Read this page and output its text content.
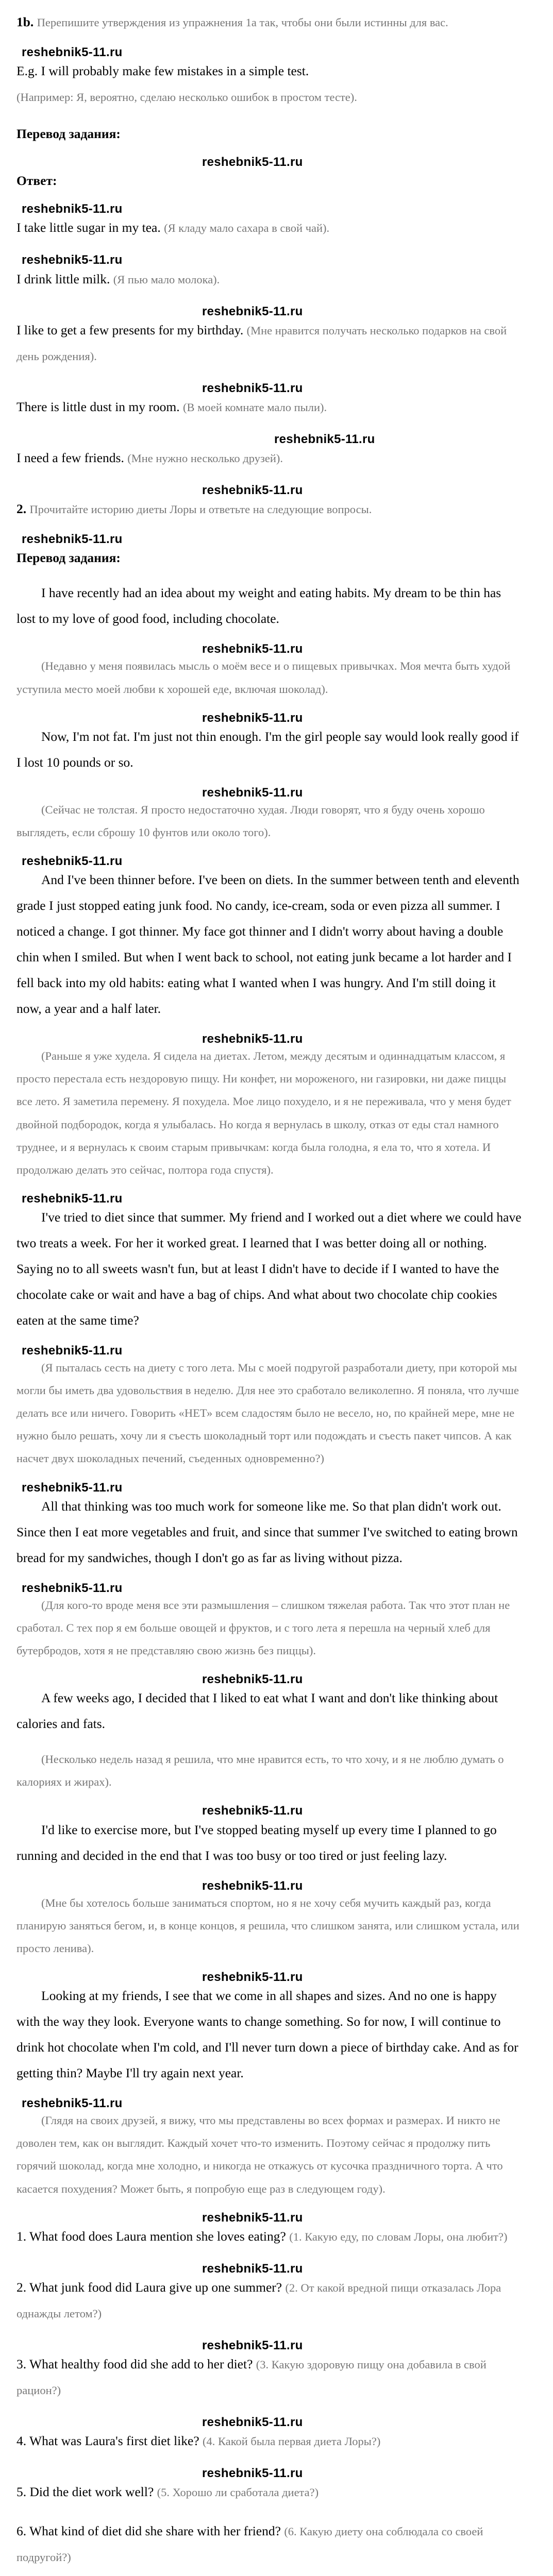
1b. Перепишите утверждения из упражнения 1a так, чтобы они были истинны для вас.

reshebnik5-11.ru

E.g. I will probably make few mistakes in a simple test.
(Например: Я, вероятно, сделаю несколько ошибок в простом тесте).

Перевод задания:

reshebnik5-11.ru

Ответ:

reshebnik5-11.ru

I take little sugar in my tea. (Я кладу мало сахара в свой чай).

reshebnik5-11.ru

I drink little milk. (Я пью мало молока).

reshebnik5-11.ru

I like to get a few presents for my birthday. (Мне нравится получать несколько подарков на свой день рождения).

reshebnik5-11.ru

There is little dust in my room. (В моей комнате мало пыли).

reshebnik5-11.ru

I need a few friends. (Мне нужно несколько друзей).

reshebnik5-11.ru

2. Прочитайте историю диеты Лоры и ответьте на следующие вопросы.

reshebnik5-11.ru

Перевод задания:

I have recently had an idea about my weight and eating habits. My dream to be thin has lost to my love of good food, including chocolate.

reshebnik5-11.ru

(Недавно у меня появилась мысль о моём весе и о пищевых привычках. Моя мечта быть худой уступила место моей любви к хорошей еде, включая шоколад).

reshebnik5-11.ru

Now, I'm not fat. I'm just not thin enough. I'm the girl people say would look really good if I lost 10 pounds or so.

reshebnik5-11.ru

(Сейчас не толстая. Я просто недостаточно худая. Люди говорят, что я буду очень хорошо выглядеть, если сброшу 10 фунтов или около того).

reshebnik5-11.ru

And I've been thinner before. I've been on diets. In the summer between tenth and eleventh grade I just stopped eating junk food. No candy, ice-cream, soda or even pizza all summer. I noticed a change. I got thinner. My face got thinner and I didn't worry about having a double chin when I smiled. But when I went back to school, not eating junk became a lot harder and I fell back into my old habits: eating what I wanted when I was hungry. And I'm still doing it now, a year and a half later.

reshebnik5-11.ru

(Раньше я уже худела. Я сидела на диетах. Летом, между десятым и одиннадцатым классом, я просто перестала есть нездоровую пищу. Ни конфет, ни мороженого, ни газировки, ни даже пиццы все лето. Я заметила перемену. Я похудела. Мое лицо похудело, и я не переживала, что у меня будет двойной подбородок, когда я улыбалась. Но когда я вернулась в школу, отказ от еды стал намного труднее, и я вернулась к своим старым привычкам: когда была голодна, я ела то, что я хотела. И продолжаю делать это сейчас, полтора года спустя).

reshebnik5-11.ru

I've tried to diet since that summer. My friend and I worked out a diet where we could have two treats a week. For her it worked great. I learned that I was better doing all or nothing. Saying no to all sweets wasn't fun, but at least I didn't have to decide if I wanted to have the chocolate cake or wait and have a bag of chips. And what about two chocolate chip cookies eaten at the same time?

reshebnik5-11.ru

(Я пыталась сесть на диету с того лета. Мы с моей подругой разработали диету, при которой мы могли бы иметь два удовольствия в неделю. Для нее это сработало великолепно. Я поняла, что лучше делать все или ничего. Говорить «НЕТ» всем сладостям было не весело, но, по крайней мере, мне не нужно было решать, хочу ли я съесть шоколадный торт или подождать и съесть пакет чипсов. А как насчет двух шоколадных печений, съеденных одновременно?)

reshebnik5-11.ru

All that thinking was too much work for someone like me. So that plan didn't work out. Since then I eat more vegetables and fruit, and since that summer I've switched to eating brown bread for my sandwiches, though I don't go as far as living without pizza.

reshebnik5-11.ru

(Для кого-то вроде меня все эти размышления – слишком тяжелая работа. Так что этот план не сработал. С тех пор я ем больше овощей и фруктов, и с того лета я перешла на черный хлеб для бутербродов, хотя я не представляю свою жизнь без пиццы).

reshebnik5-11.ru

A few weeks ago, I decided that I liked to eat what I want and don't like thinking about calories and fats.

(Несколько недель назад я решила, что мне нравится есть, то что хочу, и я не люблю думать о калориях и жирах).

reshebnik5-11.ru

I'd like to exercise more, but I've stopped beating myself up every time I planned to go running and decided in the end that I was too busy or too tired or just feeling lazy.

reshebnik5-11.ru

(Мне бы хотелось больше заниматься спортом, но я не хочу себя мучить каждый раз, когда планирую заняться бегом, и, в конце концов, я решила, что слишком занята, или слишком устала, или просто ленива).

reshebnik5-11.ru

Looking at my friends, I see that we come in all shapes and sizes. And no one is happy with the way they look. Everyone wants to change something. So for now, I will continue to drink hot chocolate when I'm cold, and I'll never turn down a piece of birthday cake. And as for getting thin? Maybe I'll try again next year.

reshebnik5-11.ru

(Глядя на своих друзей, я вижу, что мы представлены во всех формах и размерах. И никто не доволен тем, как он выглядит. Каждый хочет что-то изменить. Поэтому сейчас я продолжу пить горячий шоколад, когда мне холодно, и никогда не откажусь от кусочка праздничного торта. А что касается похудения? Может быть, я попробую еще раз в следующем году).

reshebnik5-11.ru

1. What food does Laura mention she loves eating? (1. Какую еду, по словам Лоры, она любит?)

reshebnik5-11.ru

2. What junk food did Laura give up one summer? (2. От какой вредной пищи отказалась Лора однажды летом?)

reshebnik5-11.ru

3. What healthy food did she add to her diet? (3. Какую здоровую пищу она добавила в свой рацион?)

reshebnik5-11.ru

4. What was Laura's first diet like? (4. Какой была первая диета Лоры?)

reshebnik5-11.ru

5. Did the diet work well? (5. Хорошо ли сработала диета?)

6. What kind of diet did she share with her friend? (6. Какую диету она соблюдала со своей подругой?)
